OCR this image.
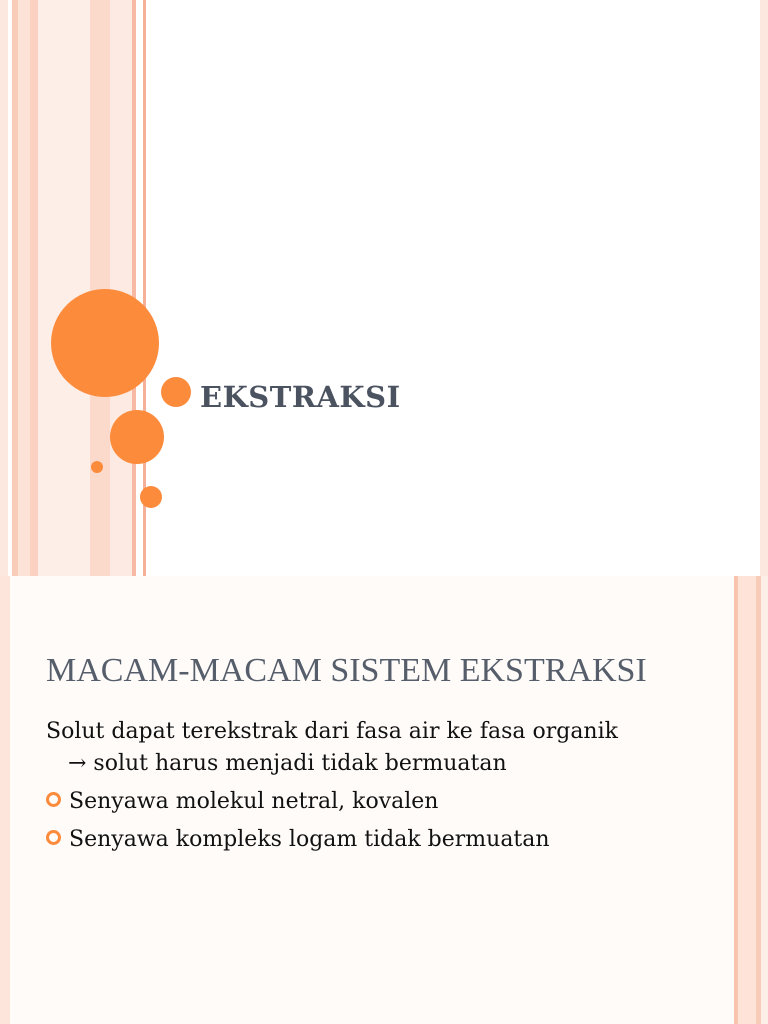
EKSTRAKSI
MACAM-MACAM SISTEM EKSTRAKSI

Solut dapat terekstrak dari fasa air ke fasa organik
→ solut harus menjadi tidak bermuatan

Senyawa molekul netral, kovalen
Senyawa kompleks logam tidak bermuatan
